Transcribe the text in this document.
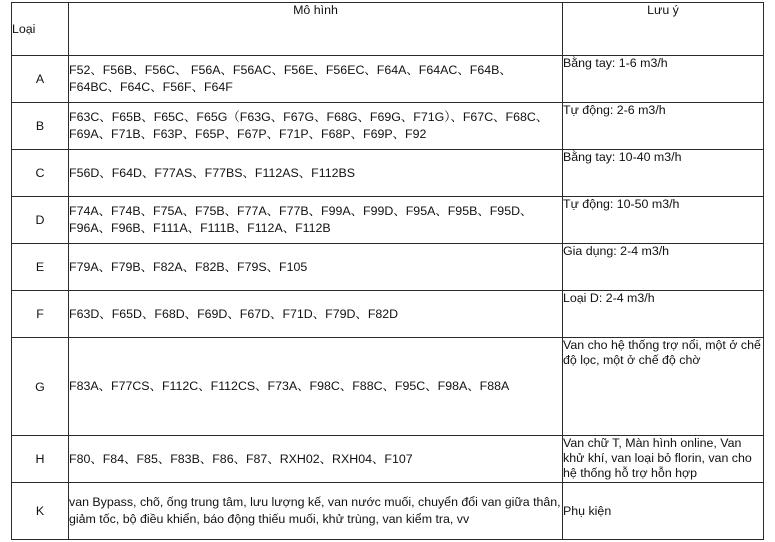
Loại	Mô hình	Lưu ý
A	F52、F56B、F56C、 F56A、F56AC、F56E、F56EC、F64A、F64AC、F64B、F64BC、F64C、F56F、F64F	Bằng tay: 1-6 m3/h
B	F63C、F65B、F65C、F65G（F63G、F67G、F68G、F69G、F71G）、F67C、F68C、F69A、F71B、F63P、F65P、F67P、F71P、F68P、F69P、F92	Tự động: 2-6 m3/h
C	F56D、F64D、F77AS、F77BS、F112AS、F112BS	Bằng tay: 10-40 m3/h
D	F74A、F74B、F75A、F75B、F77A、F77B、F99A、F99D、F95A、F95B、F95D、F96A、F96B、F111A、F111B、F112A、F112B	Tự động: 10-50 m3/h
E	F79A、F79B、F82A、F82B、F79S、F105	Gia dụng: 2-4 m3/h
F	F63D、F65D、F68D、F69D、F67D、F71D、F79D、F82D	Loại D: 2-4 m3/h
G	F83A、F77CS、F112C、F112CS、F73A、F98C、F88C、F95C、F98A、F88A	Van cho hệ thống trợ nổi, một ở chế độ lọc, một ở chế độ chờ
H	F80、F84、F85、F83B、F86、F87、RXH02、RXH04、F107	Van chữ T, Màn hình online, Van khử khí, van loại bỏ florin, van cho hệ thống hỗ trợ hỗn hợp
K	van Bypass, chõ, ống trung tâm, lưu lượng kế, van nước muối, chuyển đổi van giữa thân, giảm tốc, bộ điều khiển, báo động thiếu muối, khử trùng, van kiểm tra, vv	Phụ kiện
